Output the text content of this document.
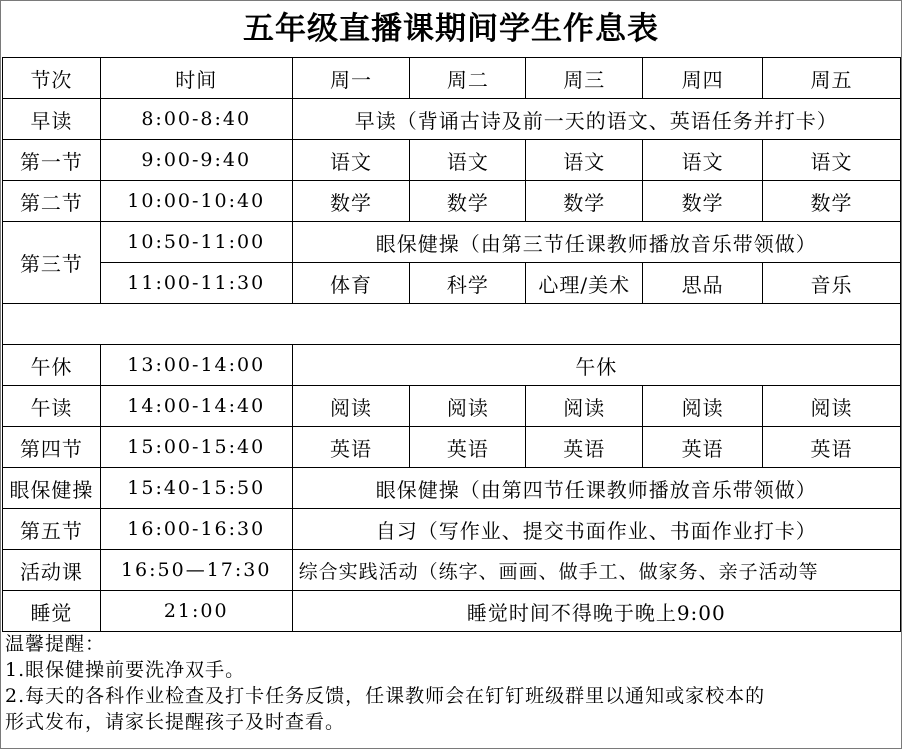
五年级直播课期间学生作息表
节次	时间	周一	周二	周三	周四	周五
早读	8:00-8:40	早读（背诵古诗及前一天的语文、英语任务并打卡）				
第一节	9:00-9:40	语文	语文	语文	语文	语文
第二节	10:00-10:40	数学	数学	数学	数学	数学
第三节	10:50-11:00	眼保健操（由第三节任课教师播放音乐带领做）				
	11:00-11:30	体育	科学	心理/美术	思品	音乐

午休	13:00-14:00	午休				
午读	14:00-14:40	阅读	阅读	阅读	阅读	阅读
第四节	15:00-15:40	英语	英语	英语	英语	英语
眼保健操	15:40-15:50	眼保健操（由第四节任课教师播放音乐带领做）				
第五节	16:00-16:30	自习（写作业、提交书面作业、书面作业打卡）				
活动课	16:50—17:30	综合实践活动（练字、画画、做手工、做家务、亲子活动等				
睡觉	21:00	睡觉时间不得晚于晚上9:00				
温馨提醒：
1.眼保健操前要洗净双手。
2.每天的各科作业检查及打卡任务反馈，任课教师会在钉钉班级群里以通知或家校本的
形式发布，请家长提醒孩子及时查看。
